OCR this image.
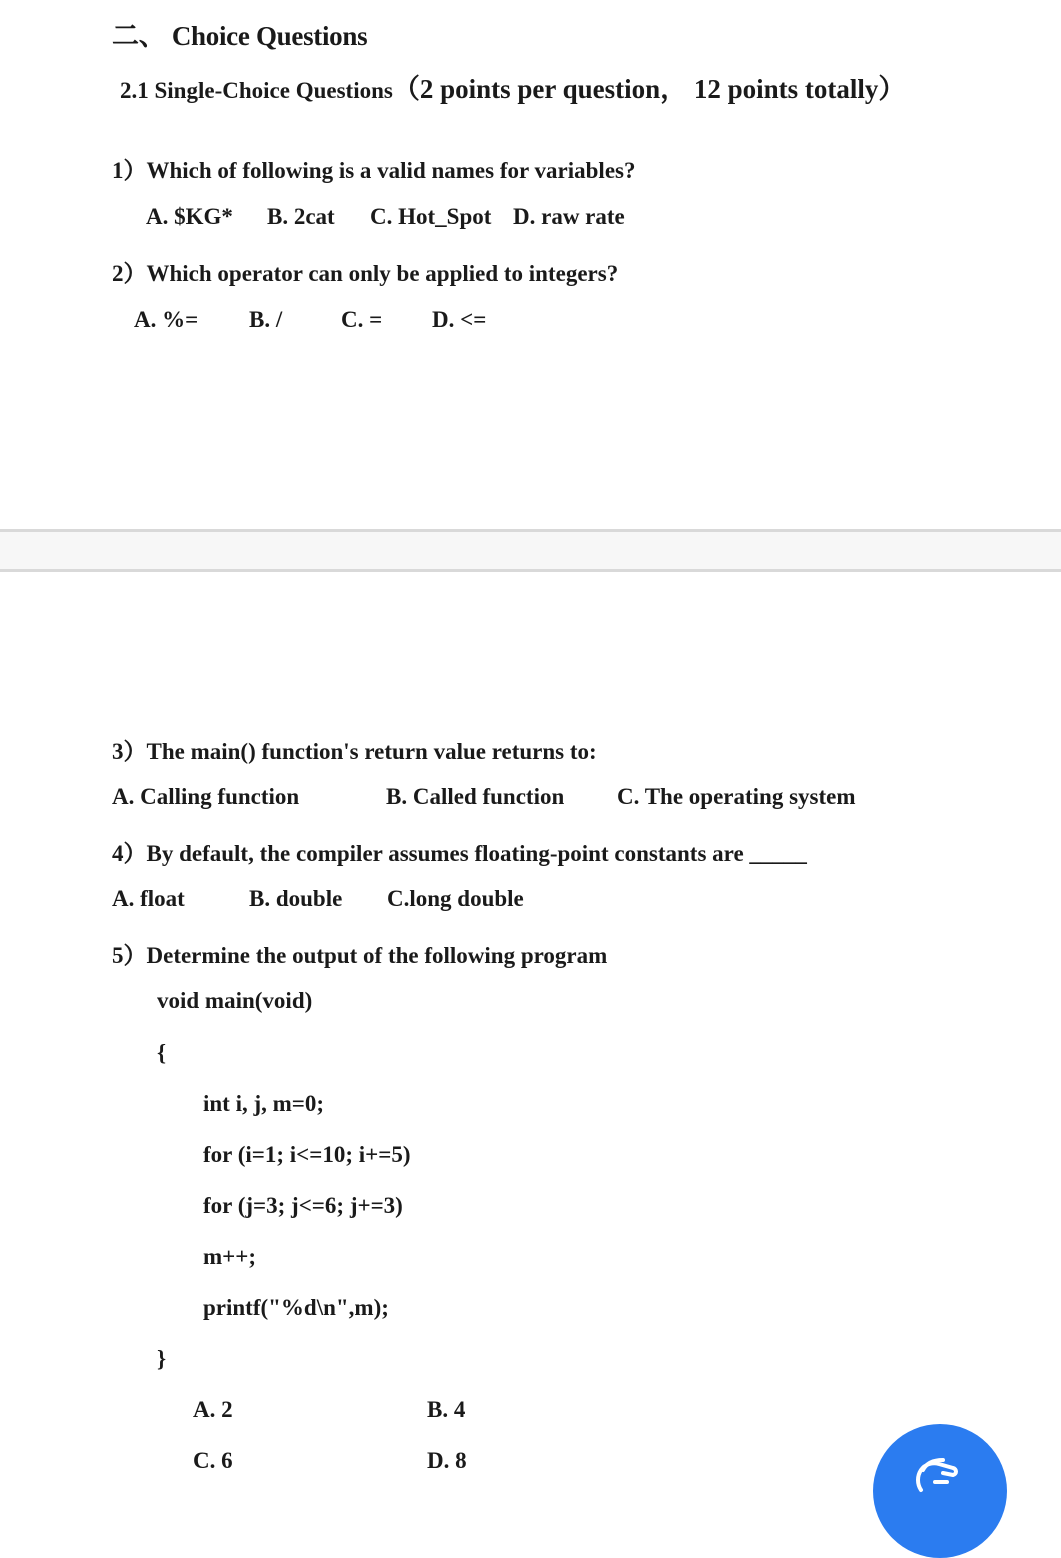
二、 Choice Questions

2.1 Single-Choice Questions（2 points per question， 12 points totally）

1）Which of following is a valid names for variables?
A. $KG* B. 2cat C. Hot_Spot D. raw rate
2）Which operator can only be applied to integers?
A. %= B. /	C. = D. <=
3）The main() function's return value returns to:
A. Calling function	B. Called function C. The operating system
4）By default, the compiler assumes floating-point constants are _____
A. float	B. double C.long double
5）Determine the output of the following program
void main(void)
{
int i, j, m=0;
for (i=1; i<=10; i+=5)
for (j=3; j<=6; j+=3)
m++;
printf("%d\n",m);
}
A. 2	B. 4
C. 6	D. 8
